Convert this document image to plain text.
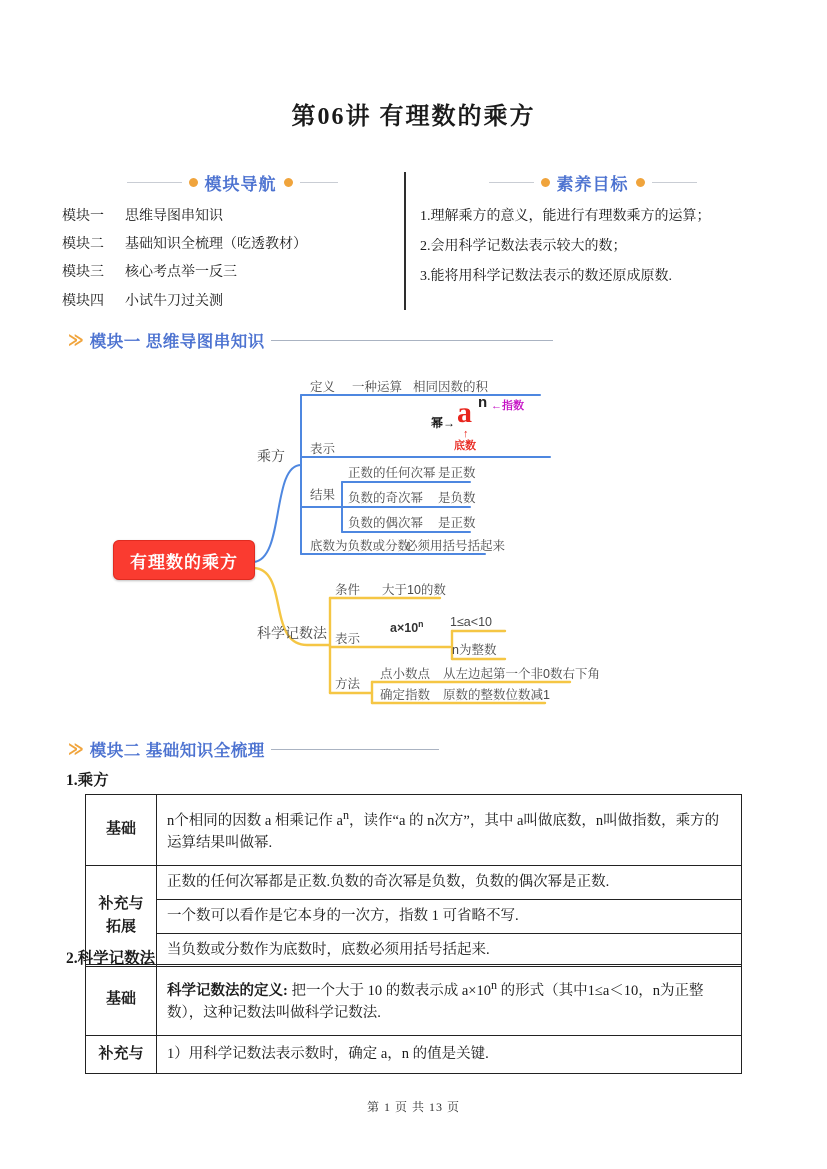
第06讲 有理数的乘方
模块导航
模块一	思维导图串知识
模块二	基础知识全梳理（吃透教材）
模块三	核心考点举一反三
模块四	小试牛刀过关测
素养目标
1.理解乘方的意义，能进行有理数乘方的运算；
2.会用科学记数法表示较大的数；
3.能将用科学记数法表示的数还原成原数.
≫ 模块一 思维导图串知识
有理数的乘方
乘方
定义 一种运算 相同因数的积
表示
幂→ a n ←指数
↑
底数
结果
正数的任何次幂 是正数
负数的奇次幂 是负数
负数的偶次幂 是正数
底数为负数或分数
必须用括号括起来
科学记数法
条件 大于10的数
表示
$a\times 10^n$ 1≤a<10
n为整数
方法
点小数点 从左边起第一个非0数右下角
确定指数 原数的整数位数减1
≫ 模块二 基础知识全梳理
1.乘方
基础	n个相同的因数 a 相乘记作 $a^n$，读作“a 的 n次方”，其中 a叫做底数，n叫做指数，乘方的运算结果叫做幂.

补充与
拓展	正数的任何次幂都是正数.负数的奇次幂是负数，负数的偶次幂是正数.
	一个数可以看作是它本身的一次方，指数 1 可省略不写.
	当负数或分数作为底数时，底数必须用括号括起来.
2.科学记数法
基础	科学记数法的定义: 把一个大于 10 的数表示成 $a\times 10^n$ 的形式（其中1≤a＜10，n为正整数），这种记数法叫做科学记数法.
补充与	1）用科学记数法表示数时，确定 a，n 的值是关键.
第 1 页 共 13 页
